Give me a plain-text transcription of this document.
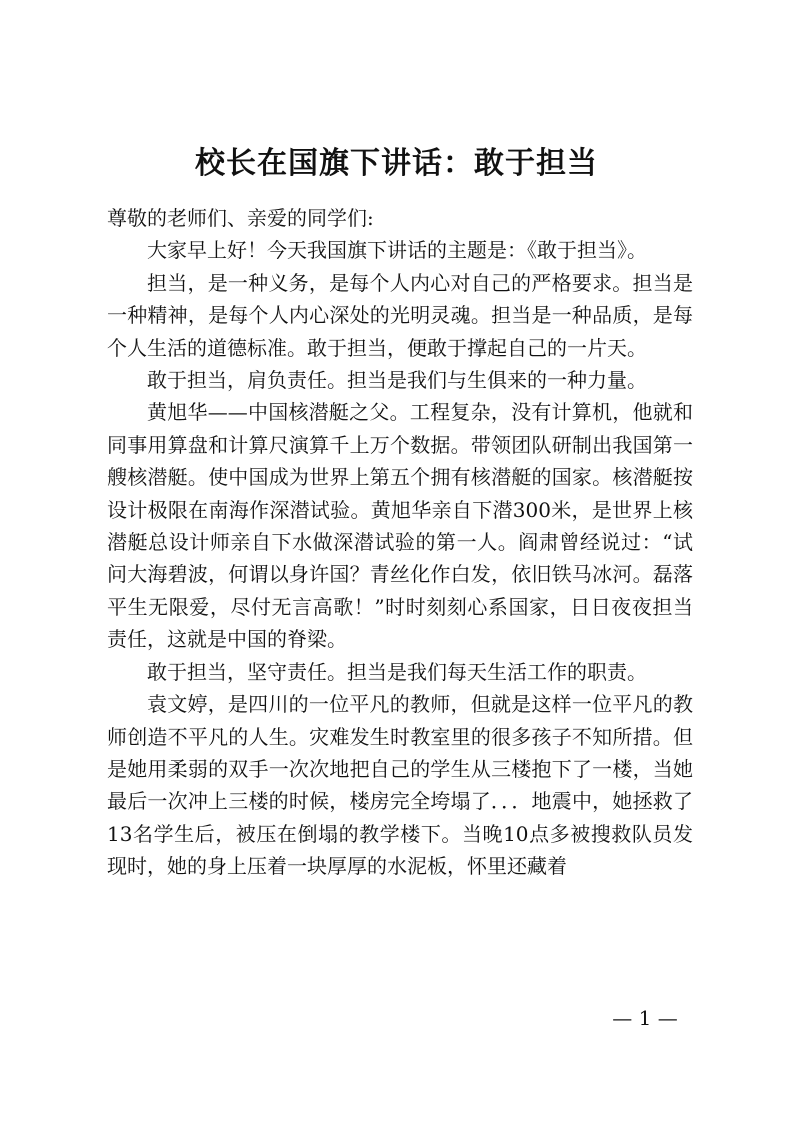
校长在国旗下讲话：敢于担当

尊敬的老师们、亲爱的同学们:

大家早上好！今天我国旗下讲话的主题是：《敢于担当》。

担当，是一种义务，是每个人内心对自己的严格要求。担当是一种精神，是每个人内心深处的光明灵魂。担当是一种品质，是每个人生活的道德标准。敢于担当，便敢于撑起自己的一片天。

敢于担当，肩负责任。担当是我们与生俱来的一种力量。

黄旭华——中国核潜艇之父。工程复杂，没有计算机，他就和同事用算盘和计算尺演算千上万个数据。带领团队研制出我国第一艘核潜艇。使中国成为世界上第五个拥有核潜艇的国家。核潜艇按设计极限在南海作深潜试验。黄旭华亲自下潜300米，是世界上核潜艇总设计师亲自下水做深潜试验的第一人。阎肃曾经说过：“试问大海碧波，何谓以身许国？青丝化作白发，依旧铁马冰河。磊落平生无限爱，尽付无言高歌！”时时刻刻心系国家，日日夜夜担当责任，这就是中国的脊梁。

敢于担当，坚守责任。担当是我们每天生活工作的职责。

袁文婷，是四川的一位平凡的教师，但就是这样一位平凡的教师创造不平凡的人生。灾难发生时教室里的很多孩子不知所措。但是她用柔弱的双手一次次地把自己的学生从三楼抱下了一楼，当她最后一次冲上三楼的时候，楼房完全垮塌了．．．地震中，她拯救了13名学生后，被压在倒塌的教学楼下。当晚10点多被搜救队员发现时，她的身上压着一块厚厚的水泥板，怀里还藏着

— 1 —
